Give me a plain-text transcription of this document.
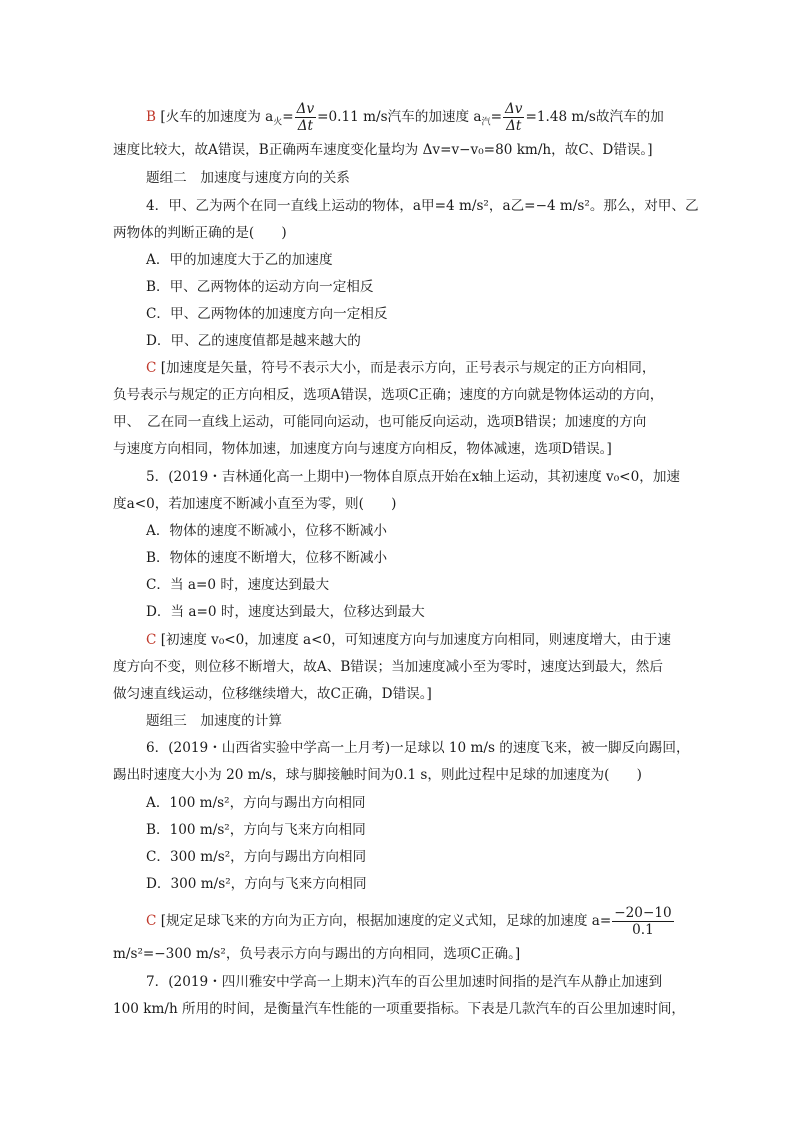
B [火车的加速度为 $a_火= \frac{\Delta v}{\Delta t} =0.11$ m/s汽车的加速度 $a_汽= \frac{\Delta v}{\Delta t} =1.48$ m/s故汽车的加
速度比较大，故A错误，B正确两车速度变化量均为 Δv=v−v₀=80 km/h，故C、D错误。]
题组二　加速度与速度方向的关系
4．甲、乙为两个在同一直线上运动的物体，a甲=4 m/s²，a乙=−4 m/s²。那么，对甲、乙
两物体的判断正确的是(　　)
A．甲的加速度大于乙的加速度
B．甲、乙两物体的运动方向一定相反
C．甲、乙两物体的加速度方向一定相反
D．甲、乙的速度值都是越来越大的
C [加速度是矢量，符号不表示大小，而是表示方向，正号表示与规定的正方向相同，
负号表示与规定的正方向相反，选项A错误，选项C正确；速度的方向就是物体运动的方向，
甲、　乙在同一直线上运动，可能同向运动，也可能反向运动，选项B错误；加速度的方向
与速度方向相同，物体加速，加速度方向与速度方向相反，物体减速，选项D错误。]
5．(2019・吉林通化高一上期中)一物体自原点开始在x轴上运动，其初速度 v₀<0，加速
度a<0，若加速度不断减小直至为零，则(　　)
A．物体的速度不断减小，位移不断减小
B．物体的速度不断增大，位移不断减小
C．当 a=0 时，速度达到最大
D．当 a=0 时，速度达到最大，位移达到最大
C [初速度 v₀<0，加速度 a<0，可知速度方向与加速度方向相同，则速度增大，由于速
度方向不变，则位移不断增大，故A、B错误；当加速度减小至为零时，速度达到最大，然后
做匀速直线运动，位移继续增大，故C正确，D错误。]
题组三　加速度的计算
6．(2019・山西省实验中学高一上月考)一足球以 10 m/s 的速度飞来，被一脚反向踢回，
踢出时速度大小为 20 m/s，球与脚接触时间为0.1 s，则此过程中足球的加速度为(　　)
A．100 m/s²，方向与踢出方向相同
B．100 m/s²，方向与飞来方向相同
C．300 m/s²，方向与踢出方向相同
D．300 m/s²，方向与飞来方向相同
C [规定足球飞来的方向为正方向，根据加速度的定义式知，足球的加速度 $a= \frac{-20-10}{0.1}$
m/s²=−300 m/s²，负号表示方向与踢出的方向相同，选项C正确。]
7．(2019・四川雅安中学高一上期末)汽车的百公里加速时间指的是汽车从静止加速到
100 km/h 所用的时间，是衡量汽车性能的一项重要指标。下表是几款汽车的百公里加速时间，
